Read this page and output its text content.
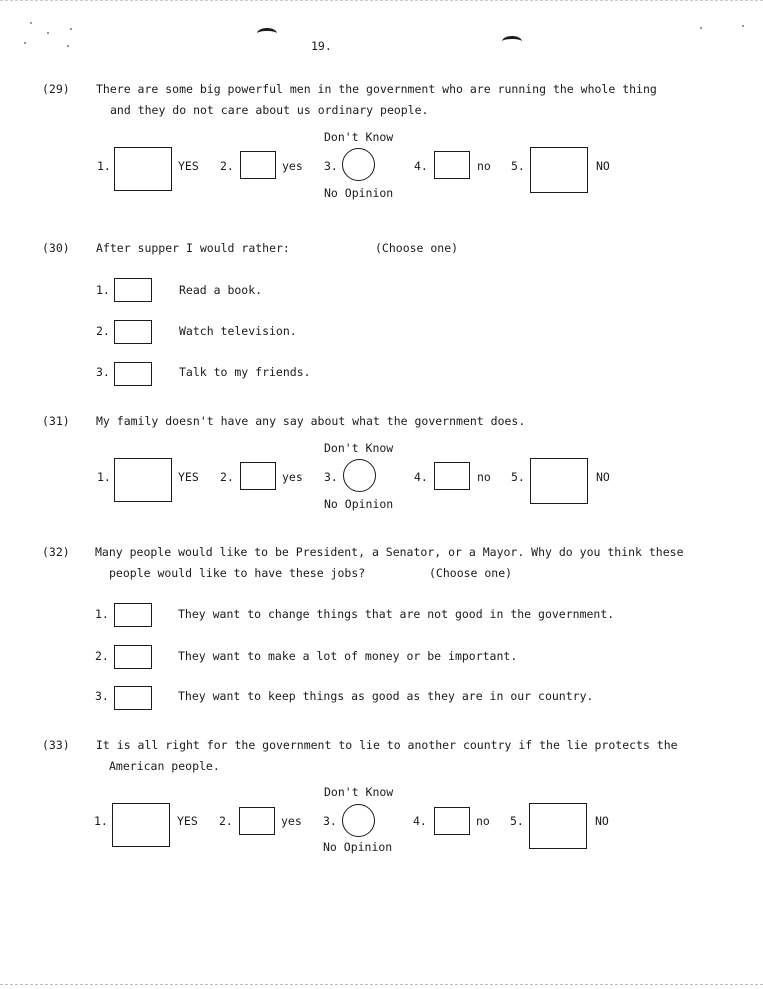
19.
(29) There are some big powerful men in the government who are running the whole thing
and they do not care about us ordinary people.
Don't Know
1.	YES 2.	yes 3.	4.	no 5.	NO
No Opinion
(30) After supper I would rather:	(Choose one)
1.	Read a book.
2.	Watch television.
3.	Talk to my friends.
(31) My family doesn't have any say about what the government does.
Don't Know
1.	YES 2.	yes 3.	4.	no 5.	NO
No Opinion
(32) Many people would like to be President, a Senator, or a Mayor. Why do you think these
people would like to have these jobs?	(Choose one)
1.	They want to change things that are not good in the government.
2.	They want to make a lot of money or be important.
3.	They want to keep things as good as they are in our country.
(33) It is all right for the government to lie to another country if the lie protects the
American people.
Don't Know
1.	YES 2.	yes 3.	4.	no 5.	NO
No Opinion
